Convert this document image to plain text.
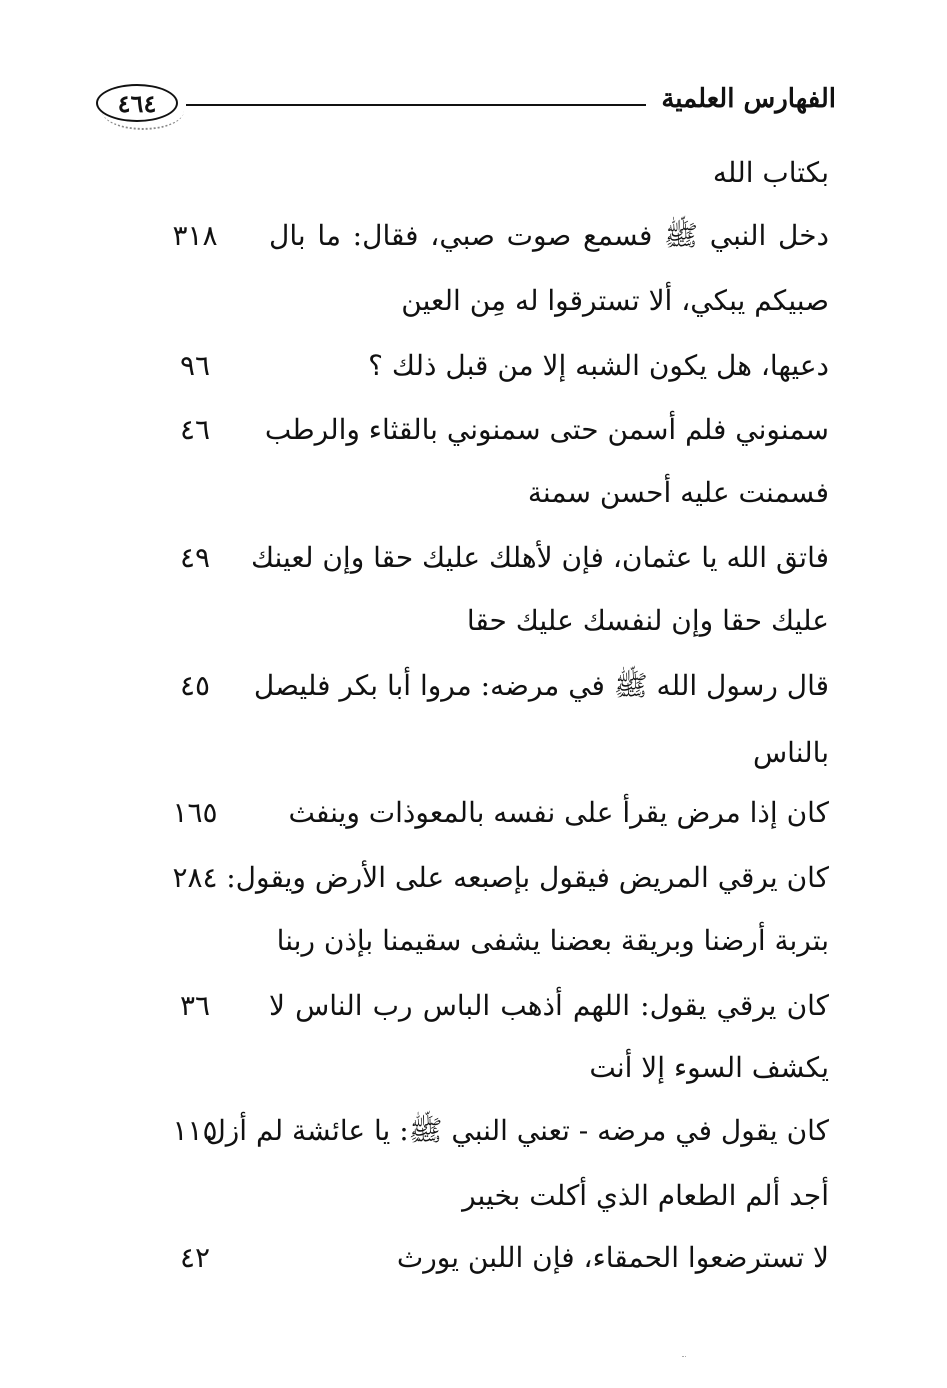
٤٦٤	الفهارس العلمية
بكتاب الله
دخل النبي ﷺ فسمع صوت صبي، فقال: ما بال
٣١٨
صبيكم يبكي، ألا تسترقوا له مِن العين
دعيها، هل يكون الشبه إلا من قبل ذلك ؟
٩٦
سمنوني فلم أسمن حتى سمنوني بالقثاء والرطب
٤٦
فسمنت عليه أحسن سمنة
فاتق الله يا عثمان، فإن لأهلك عليك حقا وإن لعينك
٤٩
عليك حقا وإن لنفسك عليك حقا
قال رسول الله ﷺ في مرضه: مروا أبا بكر فليصل
٤٥
بالناس
كان إذا مرض يقرأ على نفسه بالمعوذات وينفث
١٦٥
كان يرقي المريض فيقول بإصبعه على الأرض ويقول:
٢٨٤
بتربة أرضنا وبريقة بعضنا يشفى سقيمنا بإذن ربنا
كان يرقي يقول: اللهم أذهب الباس رب الناس لا
٣٦
يكشف السوء إلا أنت
كان يقول في مرضه - تعني النبي ﷺ: يا عائشة لم أزل
١١٥
أجد ألم الطعام الذي أكلت بخيبر
لا تسترضعوا الحمقاء، فإن اللبن يورث
٤٢
